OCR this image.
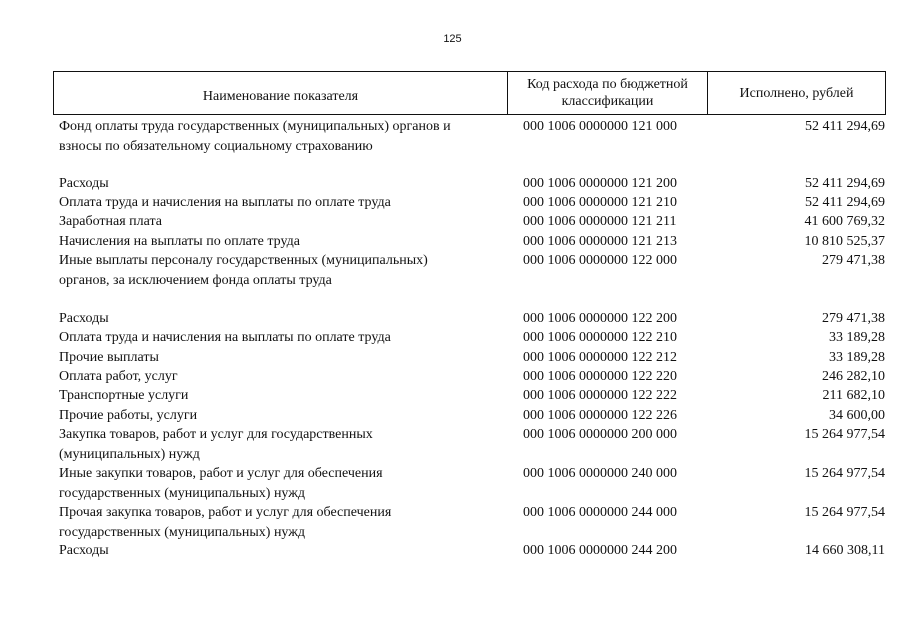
125
Наименование показателя
Код расхода по бюджетной классификации
Исполнено, рублей
Фонд оплаты труда государственных (муниципальных) органов и
взносы по обязательному социальному страхованию
000 1006 0000000 121 000	52 411 294,69
Расходы	000 1006 0000000 121 200	52 411 294,69
Оплата труда и начисления на выплаты по оплате труда	000 1006 0000000 121 210	52 411 294,69
Заработная плата	000 1006 0000000 121 211	41 600 769,32
Начисления на выплаты по оплате труда	000 1006 0000000 121 213	10 810 525,37
Иные выплаты персоналу государственных (муниципальных)
органов, за исключением фонда оплаты труда
000 1006 0000000 122 000	279 471,38
Расходы	000 1006 0000000 122 200	279 471,38
Оплата труда и начисления на выплаты по оплате труда	000 1006 0000000 122 210	33 189,28
Прочие выплаты	000 1006 0000000 122 212	33 189,28
Оплата работ, услуг	000 1006 0000000 122 220	246 282,10
Транспортные услуги	000 1006 0000000 122 222	211 682,10
Прочие работы, услуги	000 1006 0000000 122 226	34 600,00
Закупка товаров, работ и услуг для государственных
(муниципальных) нужд
000 1006 0000000 200 000	15 264 977,54
Иные закупки товаров, работ и услуг для обеспечения
государственных (муниципальных) нужд
000 1006 0000000 240 000	15 264 977,54
Прочая закупка товаров, работ и услуг для обеспечения
государственных (муниципальных) нужд
000 1006 0000000 244 000	15 264 977,54
Расходы	000 1006 0000000 244 200	14 660 308,11
